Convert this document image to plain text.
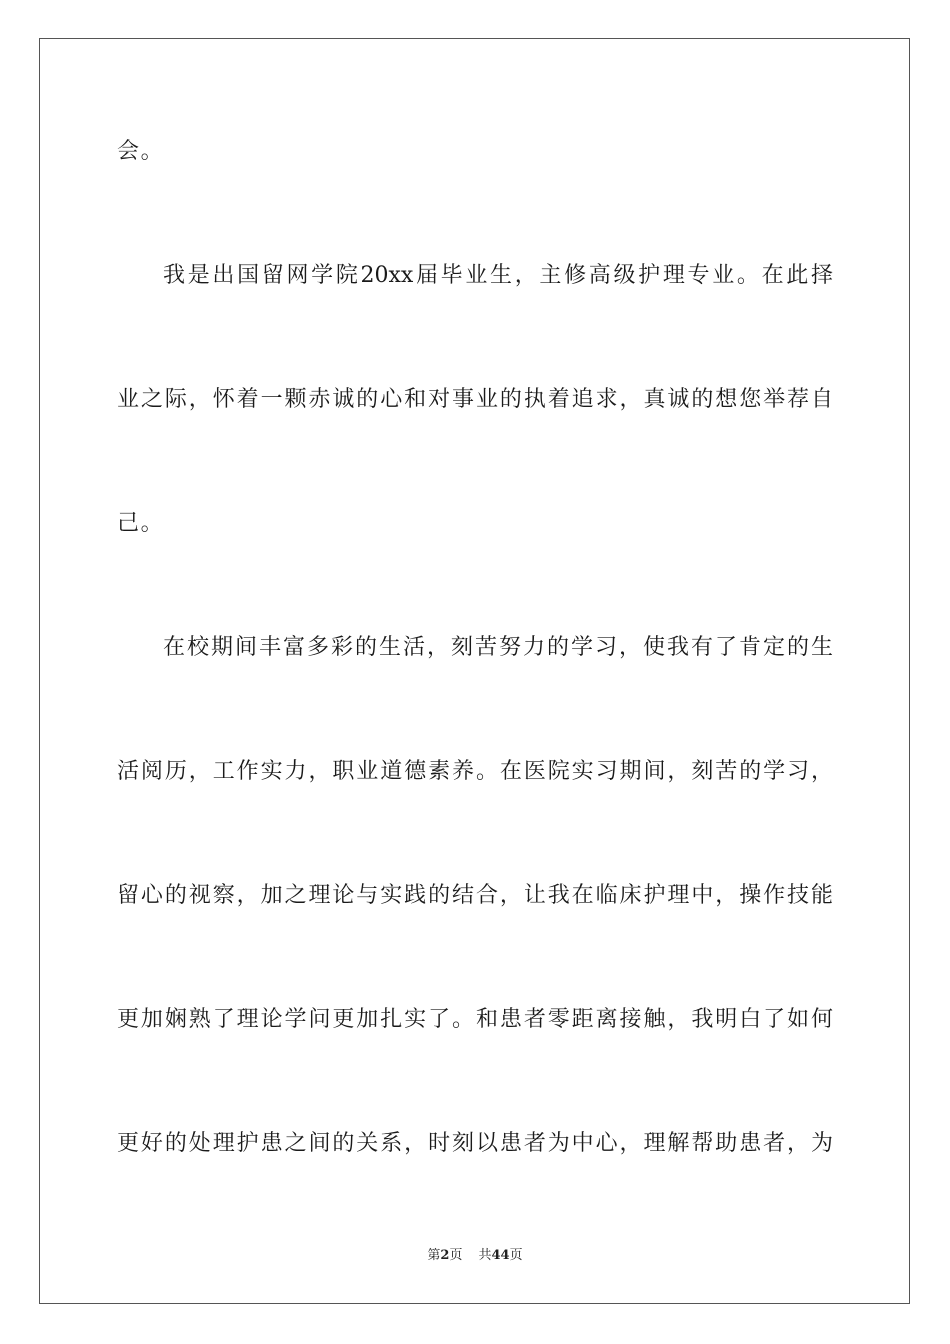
会。
我是出国留网学院20xx届毕业生，主修高级护理专业。在此择
业之际，怀着一颗赤诚的心和对事业的执着追求，真诚的想您举荐自
己。
在校期间丰富多彩的生活，刻苦努力的学习，使我有了肯定的生
活阅历，工作实力，职业道德素养。在医院实习期间，刻苦的学习，
留心的视察，加之理论与实践的结合，让我在临床护理中，操作技能
更加娴熟了理论学问更加扎实了。和患者零距离接触，我明白了如何
更好的处理护患之间的关系，时刻以患者为中心，理解帮助患者，为
第2页 共44页
